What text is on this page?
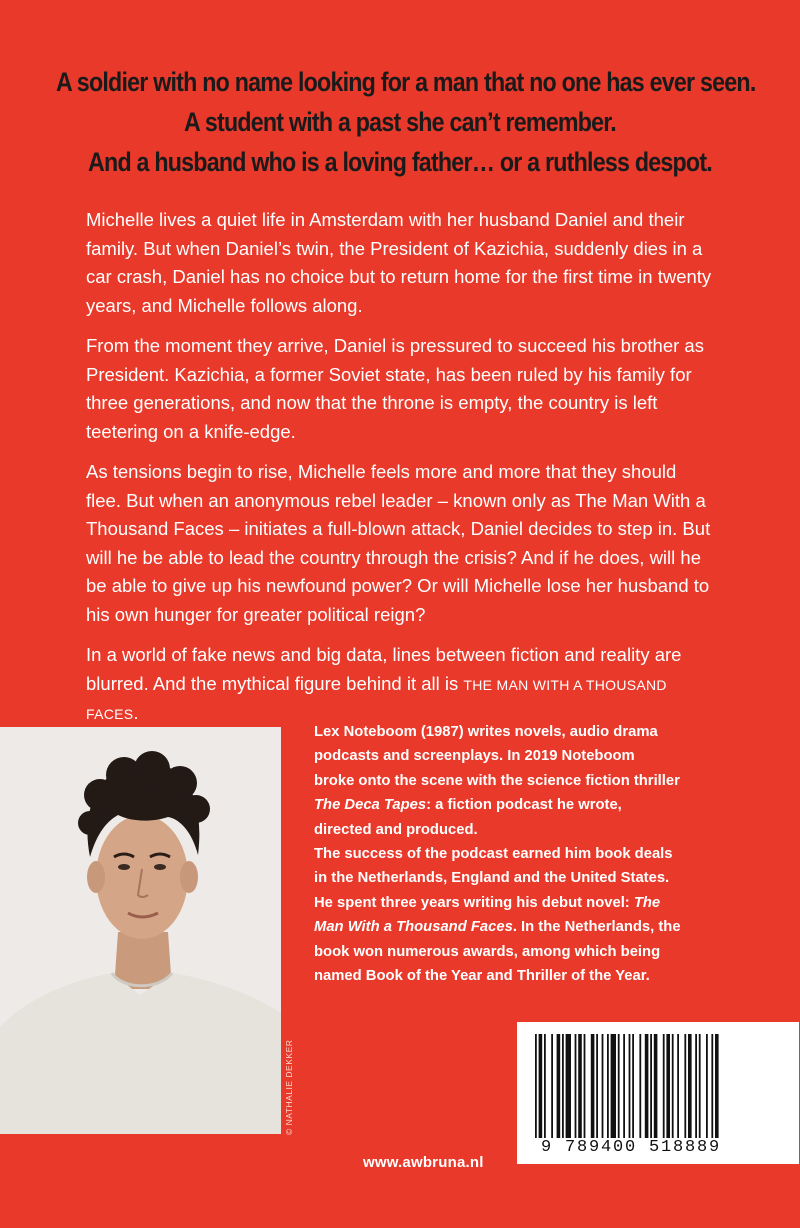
A soldier with no name looking for a man that no one has ever seen.
A student with a past she can’t remember.
And a husband who is a loving father… or a ruthless despot.

Michelle lives a quiet life in Amsterdam with her husband Daniel and their family. But when Daniel’s twin, the President of Kazichia, suddenly dies in a car crash, Daniel has no choice but to return home for the first time in twenty years, and Michelle follows along.

From the moment they arrive, Daniel is pressured to succeed his brother as President. Kazichia, a former Soviet state, has been ruled by his family for three generations, and now that the throne is empty, the country is left teetering on a knife-edge.

As tensions begin to rise, Michelle feels more and more that they should flee. But when an anonymous rebel leader – known only as The Man With a Thousand Faces – initiates a full-blown attack, Daniel decides to step in. But will he be able to lead the country through the crisis? And if he does, will he be able to give up his newfound power? Or will Michelle lose her husband to his own hunger for greater political reign?

In a world of fake news and big data, lines between fiction and reality are blurred. And the mythical figure behind it all is THE MAN WITH A THOUSAND FACES.

© NATHALIE DEKKER
Lex Noteboom (1987) writes novels, audio drama
podcasts and screenplays. In 2019 Noteboom
broke onto the scene with the science fiction thriller
The Deca Tapes: a fiction podcast he wrote,
directed and produced.
The success of the podcast earned him book deals
in the Netherlands, England and the United States.
He spent three years writing his debut novel: The
Man With a Thousand Faces. In the Netherlands, the
book won numerous awards, among which being
named Book of the Year and Thriller of the Year.
9 789400 518889
www.awbruna.nl
